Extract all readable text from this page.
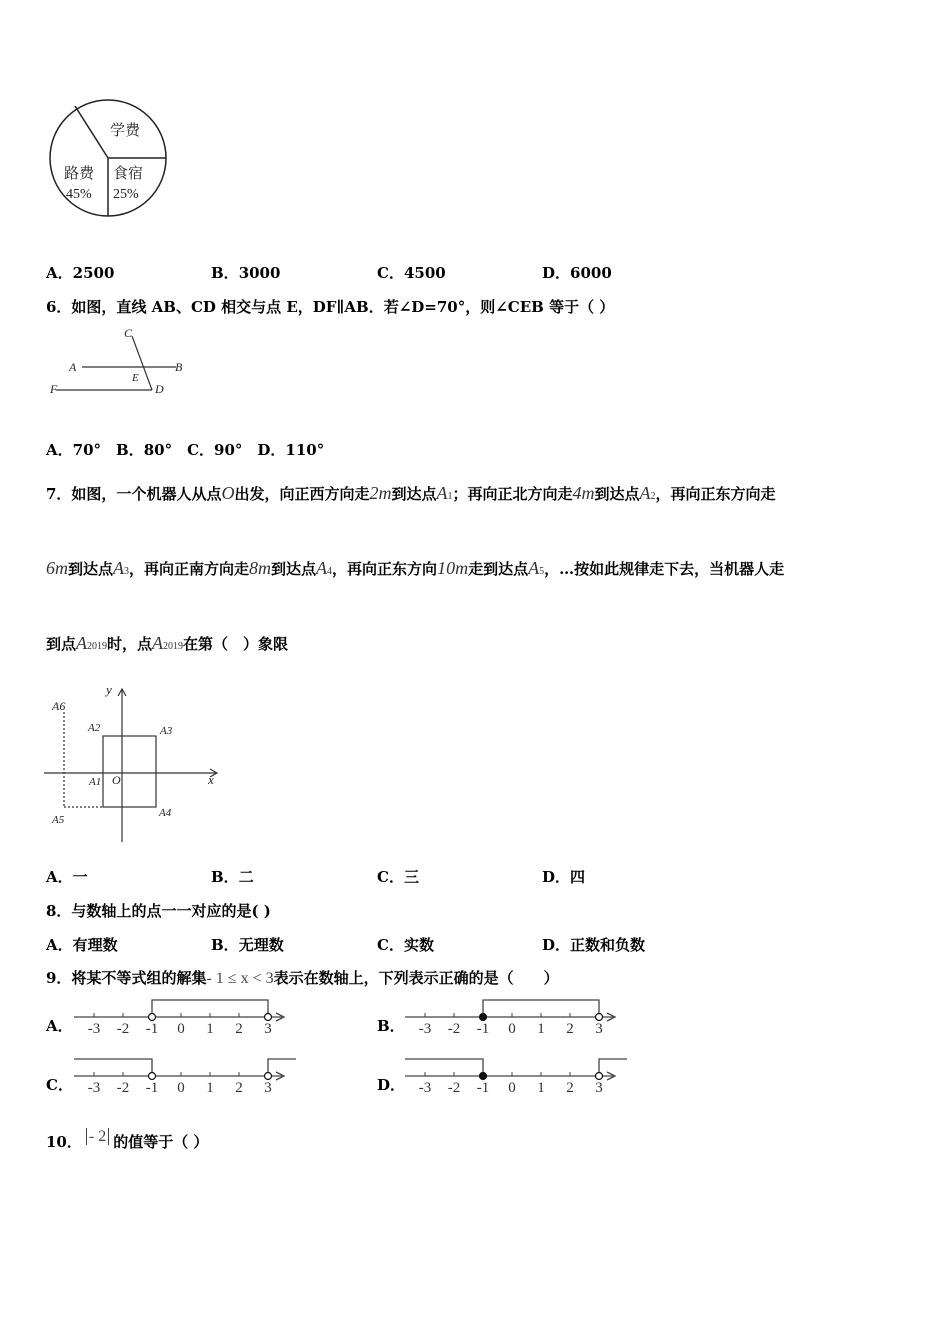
学费
路费
45%
食宿
25%
A．2500	B．3000	C．4500	D．6000
6．如图，直线 AB、CD 相交与点 E，DF∥AB．若∠D=70°，则∠CEB 等于（ ）
C
A	B
E
F	D
A．70°　B．80°　C．90°　D．110°
7．如图，一个机器人从点O出发，向正西方向走2m到达点A1；再向正北方向走4m到达点A2，再向正东方向走
6m到达点A3，再向正南方向走8m到达点A4，再向正东方向10m走到达点A5，…按如此规律走下去，当机器人走
到点A2019时，点A2019在第（　）象限
A6
y
A2	A3
A1 O	x
A5
A4
A．一	B．二	C．三	D．四
8．与数轴上的点一一对应的是( )
A．有理数	B．无理数	C．实数	D．正数和负数
9．将某不等式组的解集- 1 ≤ x < 3表示在数轴上，下列表示正确的是（　　）
A． -3 -2 -1 0 1 2 3	B． -3 -2 -1 0 1 2 3
C． -3 -2 -1 0 1 2 3	D． -3 -2 -1 0 1 2 3
10． - 2 的值等于（ ）
